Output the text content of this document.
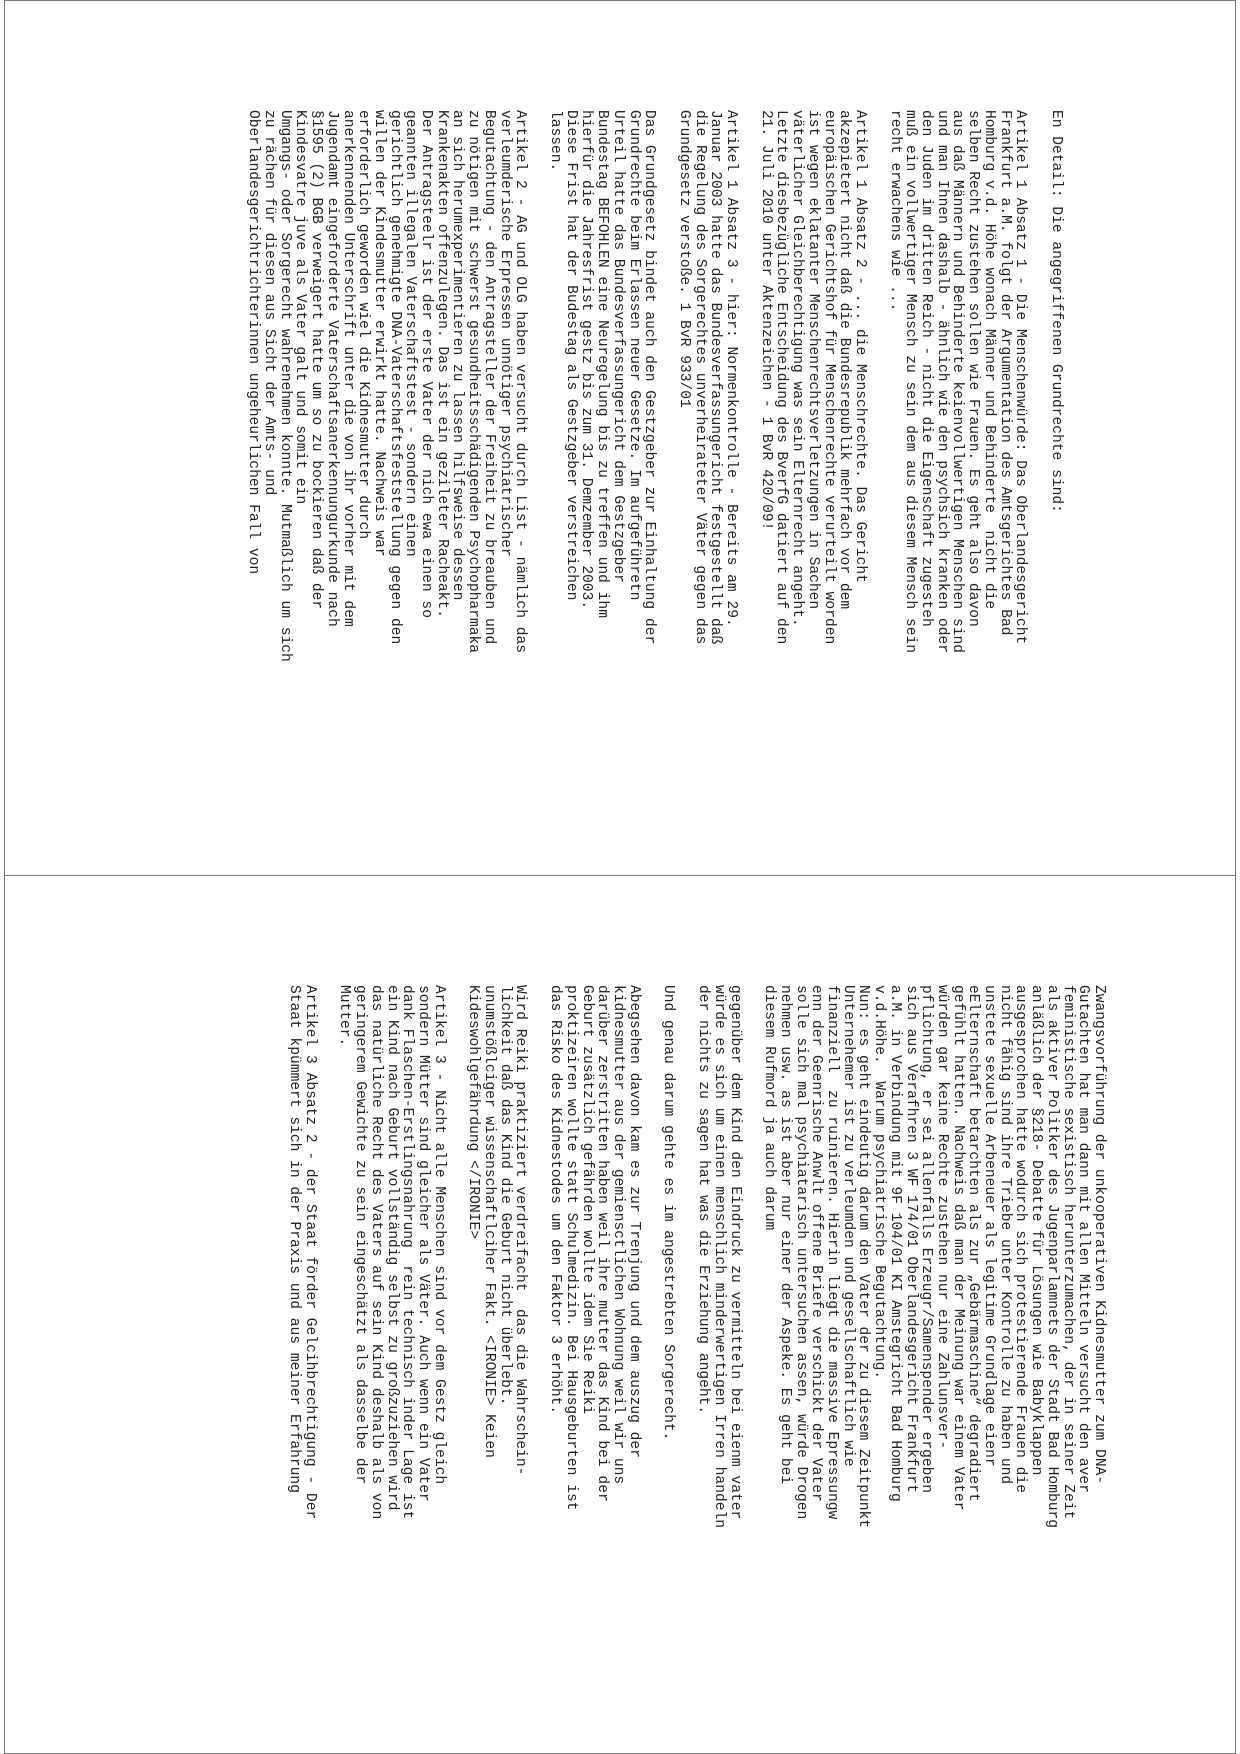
En Detail: Die angegriffenen Grundrechte sind:

Artikel 1 Absatz 1 - Die Menschenwürde: Das Oberlandesgericht
Frankfurt a.M. folgt der Argumentation des Amtsgerichtes Bad
Homburg v.d. Höhe wonach Männer und Behinderte  nicht die
selben Recht zustehen sollen wie Frauen. Es geht also davon
aus daß Männern und Behinderte keienvollwertigen Menschen sind
und man Ihnen dashalb - ähnlich wie den psychsich kranken oder
den Juden im dritten Reich - nicht die Eigenschaft zugesteh
muß ein vollwertiger Mensch zu sein dem aus diesem Mensch sein
recht erwachens wie ...

Artikel 1 Absatz 2 - ... die Menschrechte. Das Gericht
akzepietert nicht daß die Bundesrepublik mehrfach vor dem
europäischen Gerichtshof für Menschenrechte verurteilt worden
ist wegen eklatanter Menschenrechtsverletzungen in Sachen
väterlicher Gleichberechtigung was sein Elternrecht angeht.
Letzte diesbezügliche Entscheidung des BverfG datiert auf den
21. Juli 2010 unter Aktenzeichen - 1 BvR 420/09!

Artikel 1 Absatz 3 - hier: Normenkontrolle - Bereits am 29.
Januar 2003 hatte das Bundesverfassungericht festgestellt daß
die Regelung des Sorgerechtes unverheirateter Väter gegen das
Grundgesetz verstoße. 1 BvR 933/01

Das Grundgesetz bindet auch den Gestzgeber zur Einhaltung der
Grundrechte beim Erlassen neuer Gesetze. Im aufgeführetn
Urteil hatte das Bundesverfassungericht dem Gestzgeber
Bundestag BEFOHLEN eine Neuregelung bis zu treffen und ihm
hierfür die Jahresfrist gestz bis zum 31. Demzember 2003.
Diese Frist hat der Budestag als Gestzgeber verstreichen
lassen.

Artikel 2 - AG und OLG haben versucht durch List - nämlich das
verleumderische Erpressen unnötiger psychiatrischer
Begutachtung - den Antragsteller der Freiheit zu breauben und
zu nötigen mit schwerst gesundheitsschädigenden Psychopharmaka
an sich herumexperimentieren zu lassen hilfsweise dessen
Krankenakten offenzulegen. Das ist ein gezileter Racheakt.
Der Antragsteelr ist der erste Vater der nich ewa einen so
geannten illegalen Vaterschaftstest - sondern einen
gerichtlich genehmigte DNA-Vaterschaftsfeststellung gegen den
willen der Kindesmutter erwirkt hatte. Nachweis war
erforderlich geworden wiel die Kidnesmutter durch
anerkennenden Unterschrift unter die von ihr vorher mit dem
Jugendamt eingeforderte Vaterschaftsanerkennungurkunde nach
§1595 (2) BGB verweigert hatte um so zu bockieren daß der
Kindesvatre juve als Vater galt und somit ein
Umgangs- oder Sorgerecht wahrenehmen konnte. Mutmaßlich um sich
zu rächen für diesen aus Sicht der Amts- und
Oberlandesgerichtrichterinnen ungeheurlichen Fall von

Zwangsvorführung der unkooperativen Kidnesmutter zum DNA-
Gutachten hat man dann mit allen Mitteln versucht den aver
feministische sexistisch herunterzumachen, der in seiner Zeit
als aktiver Politker des Jugenparlamnets der Stadt Bad Homburg
anläßlich der §218- Debatte für Lösungen wie Babyklappen
ausgesprochen hatte wodurch sich protestierende Frauen die
nicht fähig sind ihre Triebe unter Kontrolle zu haben und
unstete sexuelle Arbeneuer als legitime Grundlage eienr
eElternschaft betarchten als zur „Gebärmaschine“ degradiert
gefühlt hatten. Nachweis daß man der Meinung war einem Vater
würden gar keine Rechte zustehen nur eine Zahlunsver-
pflichtung, er sei allenfalls Erzeugr/Samenspender ergeben
sich aus Verafhren 3 WF 174/01 Oberlandesgericht Frankfurt
a.M. in Verbindung mit 9F 104/01 KI Amstegricht Bad Homburg
v.d.Höhe.  Warum psychiatrische Begutachtung.
Nun: es geht eindeutig darum den Vater der zu diesem Zeitpunkt
Unternehemer ist zu verleumden und gesellschaftlich wie
finanziell  zu ruinieren. Hierin liegt die massive Epressungw
enn der Geenrische Anwlt offene Briefe verschickt der Vater
solle sich mal psychiatarisch untersuchen assen, würde Drogen
nehmen usw. as ist aber nur einer der Aspeke. Es geht bei
diesem Rufmord ja auch darum

gegenüber dem Kind den Eindruck zu vermitteln bei eienm vater
würde es sich um einen menschlich minderwertigen Irren handeln
der nichts zu sagen hat was die Erziehung angeht.

Und genau darum gehte es im angestrebten Sorgerecht.

Abegsehen davon kam es zur Trenjung und dem auszug der
kidnesmutter aus der gemiensctlichen Wohnung weil wir uns
darüber zerstritten haben weil ihre mutter das Kind bei der
Geburt zusätzlich gefährden wollte idem Sie Reiki
proktizeiren wollte statt Schulmedizin. Bei Hausgeburten ist
das Risko des Kidnestodes um den Faktor 3 erhöht.

Wird Reiki praktiziert verdreifacht  das die Wahrschein-
lichkeit daß das Kind die Geburt nicht überlebt.
unumstößlciger wissenschaftlciher Fakt. <IRONIE> Keien
Kideswohlgefährdung </IRONIE>

Artikel 3 - Nicht alle Menschen sind vor dem Gestz gleich
sondern Mütter sind gleicher als Väter. Auch wenn ein Vater
dank Flaschen-Erstlingsnahrung  rein technisch inder Lage ist
ein Kind nach Geburt vollständig selbst zu großzuziehen wird
das natürliche Recht des Vaters auf sein Kind deshalb als von
geringerem Gewichte zu sein eingeschätzt als dasselbe der
Mutter.

Artikel 3 Absatz 2 - der Staat förder Gelcihbrechtigung - Der
Staat kpümmert sich in der Praxis und aus meiner Erfahrung
